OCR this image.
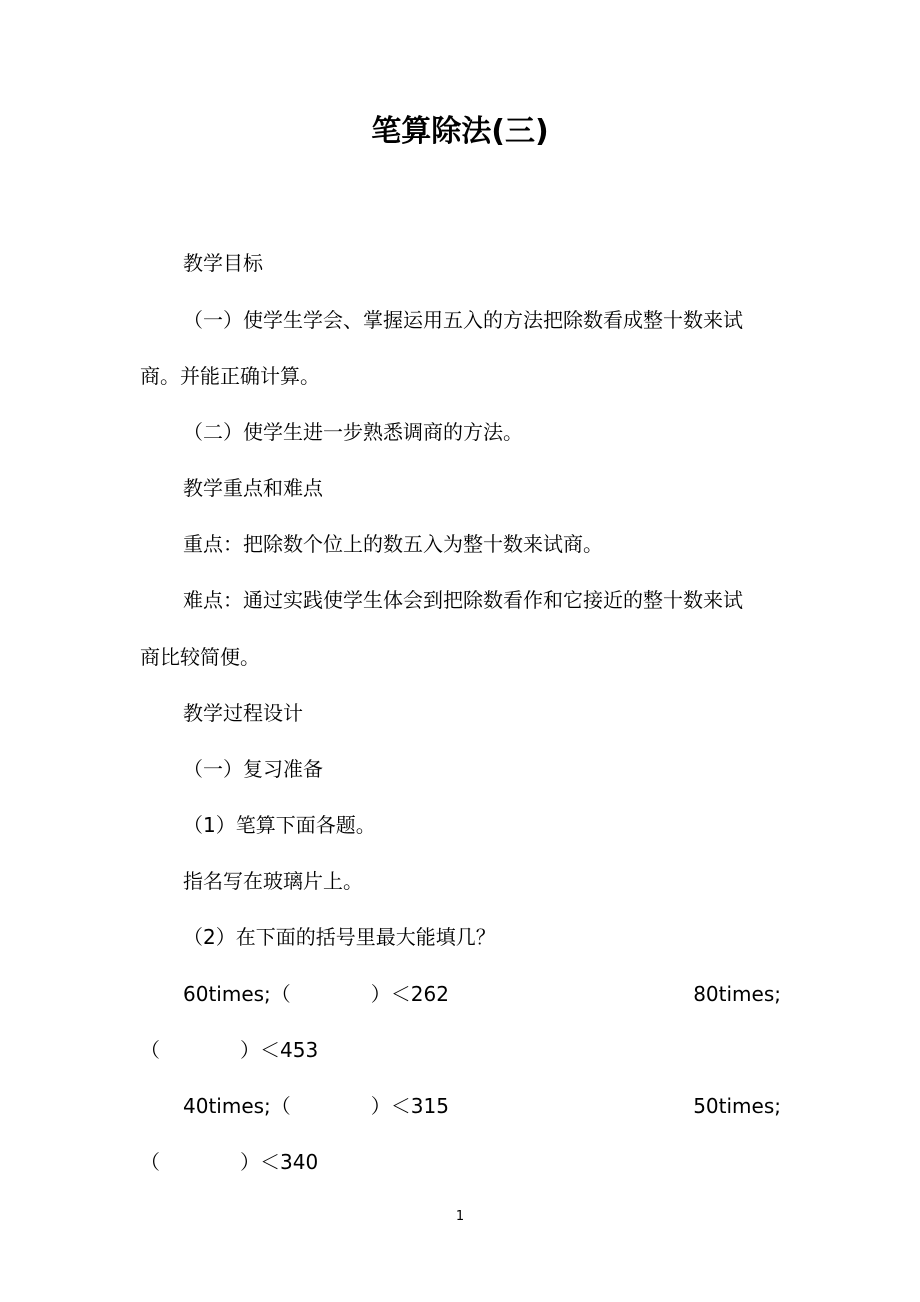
笔算除法(三)
教学目标
（一）使学生学会、掌握运用五入的方法把除数看成整十数来试
商。并能正确计算。
（二）使学生进一步熟悉调商的方法。
教学重点和难点
重点：把除数个位上的数五入为整十数来试商。
难点：通过实践使学生体会到把除数看作和它接近的整十数来试
商比较简便。
教学过程设计
（一）复习准备
（1）笔算下面各题。
指名写在玻璃片上。
（2）在下面的括号里最大能填几？
60times;（　　　　）＜262	80times;
（　　　　）＜453
40times;（　　　　）＜315	50times;
（　　　　）＜340
1
